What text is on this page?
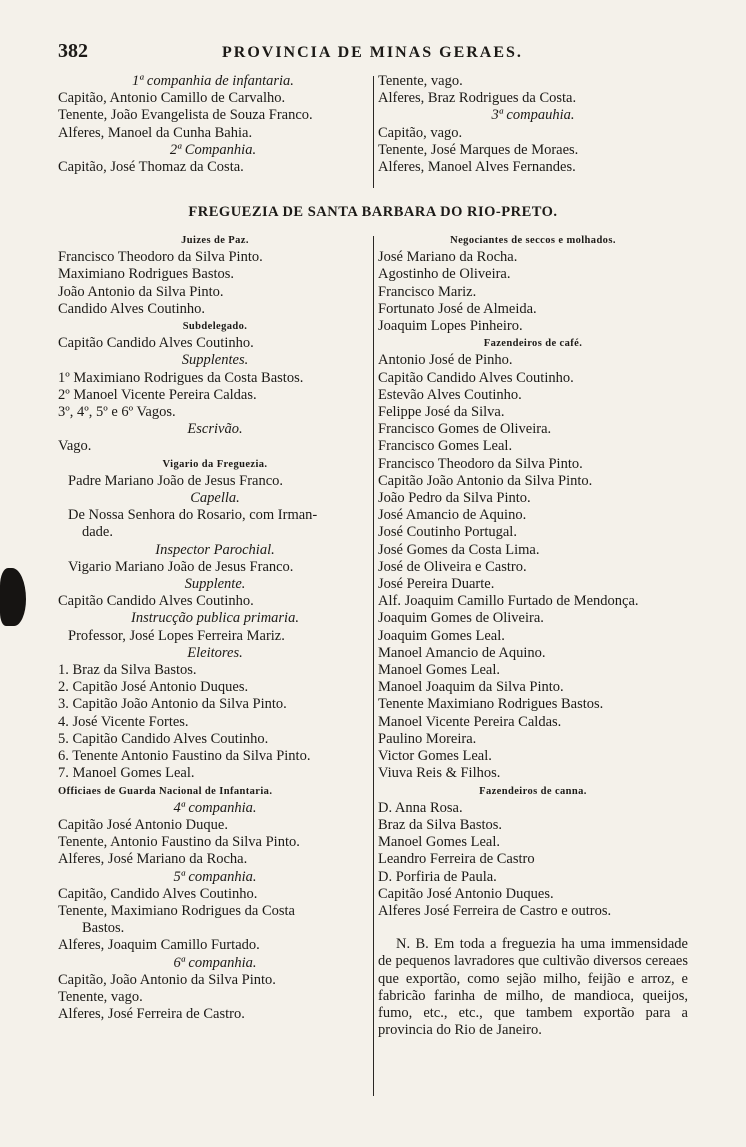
382	PROVINCIA DE MINAS GERAES.
1ª companhia de infantaria.
Capitão, Antonio Camillo de Carvalho.
Tenente, João Evangelista de Souza Franco.
Alferes, Manoel da Cunha Bahia.
2ª Companhia.
Capitão, José Thomaz da Costa.
Tenente, vago.
Alferes, Braz Rodrigues da Costa.
3ª compauhia.
Capitão, vago.
Tenente, José Marques de Moraes.
Alferes, Manoel Alves Fernandes.
FREGUEZIA DE SANTA BARBARA DO RIO-PRETO.
Juizes de Paz.
Francisco Theodoro da Silva Pinto.
Maximiano Rodrigues Bastos.
João Antonio da Silva Pinto.
Candido Alves Coutinho.
Subdelegado.
Capitão Candido Alves Coutinho.
Supplentes.
1º Maximiano Rodrigues da Costa Bastos.
2º Manoel Vicente Pereira Caldas.
3º, 4º, 5º e 6º Vagos.
Escrivão.
Vago.
Vigario da Freguezia.
Padre Mariano João de Jesus Franco.
Capella.
De Nossa Senhora do Rosario, com Irman-
dade.
Inspector Parochial.
Vigario Mariano João de Jesus Franco.
Supplente.
Capitão Candido Alves Coutinho.
Instrucção publica primaria.
Professor, José Lopes Ferreira Mariz.
Eleitores.
1. Braz da Silva Bastos.
2. Capitão José Antonio Duques.
3. Capitão João Antonio da Silva Pinto.
4. José Vicente Fortes.
5. Capitão Candido Alves Coutinho.
6. Tenente Antonio Faustino da Silva Pinto.
7. Manoel Gomes Leal.
Officiaes de Guarda Nacional de Infantaria.
4ª companhia.
Capitão José Antonio Duque.
Tenente, Antonio Faustino da Silva Pinto.
Alferes, José Mariano da Rocha.
5ª companhia.
Capitão, Candido Alves Coutinho.
Tenente, Maximiano Rodrigues da Costa
Bastos.
Alferes, Joaquim Camillo Furtado.
6ª companhia.
Capitão, João Antonio da Silva Pinto.
Tenente, vago.
Alferes, José Ferreira de Castro.
Negociantes de seccos e molhados.
José Mariano da Rocha.
Agostinho de Oliveira.
Francisco Mariz.
Fortunato José de Almeida.
Joaquim Lopes Pinheiro.
Fazendeiros de café.
Antonio José de Pinho.
Capitão Candido Alves Coutinho.
Estevão Alves Coutinho.
Felippe José da Silva.
Francisco Gomes de Oliveira.
Francisco Gomes Leal.
Francisco Theodoro da Silva Pinto.
Capitão João Antonio da Silva Pinto.
João Pedro da Silva Pinto.
José Amancio de Aquino.
José Coutinho Portugal.
José Gomes da Costa Lima.
José de Oliveira e Castro.
José Pereira Duarte.
Alf. Joaquim Camillo Furtado de Mendonça.
Joaquim Gomes de Oliveira.
Joaquim Gomes Leal.
Manoel Amancio de Aquino.
Manoel Gomes Leal.
Manoel Joaquim da Silva Pinto.
Tenente Maximiano Rodrigues Bastos.
Manoel Vicente Pereira Caldas.
Paulino Moreira.
Victor Gomes Leal.
Viuva Reis & Filhos.
Fazendeiros de canna.
D. Anna Rosa.
Braz da Silva Bastos.
Manoel Gomes Leal.
Leandro Ferreira de Castro
D. Porfiria de Paula.
Capitão José Antonio Duques.
Alferes José Ferreira de Castro e outros.
N. B. Em toda a freguezia ha uma immensidade de pequenos lavradores que cultivão diversos cereaes que exportão, como sejão milho, feijão e arroz, e fabricão farinha de milho, de mandioca, queijos, fumo, etc., etc., que tambem exportão para a provincia do Rio de Janeiro.
